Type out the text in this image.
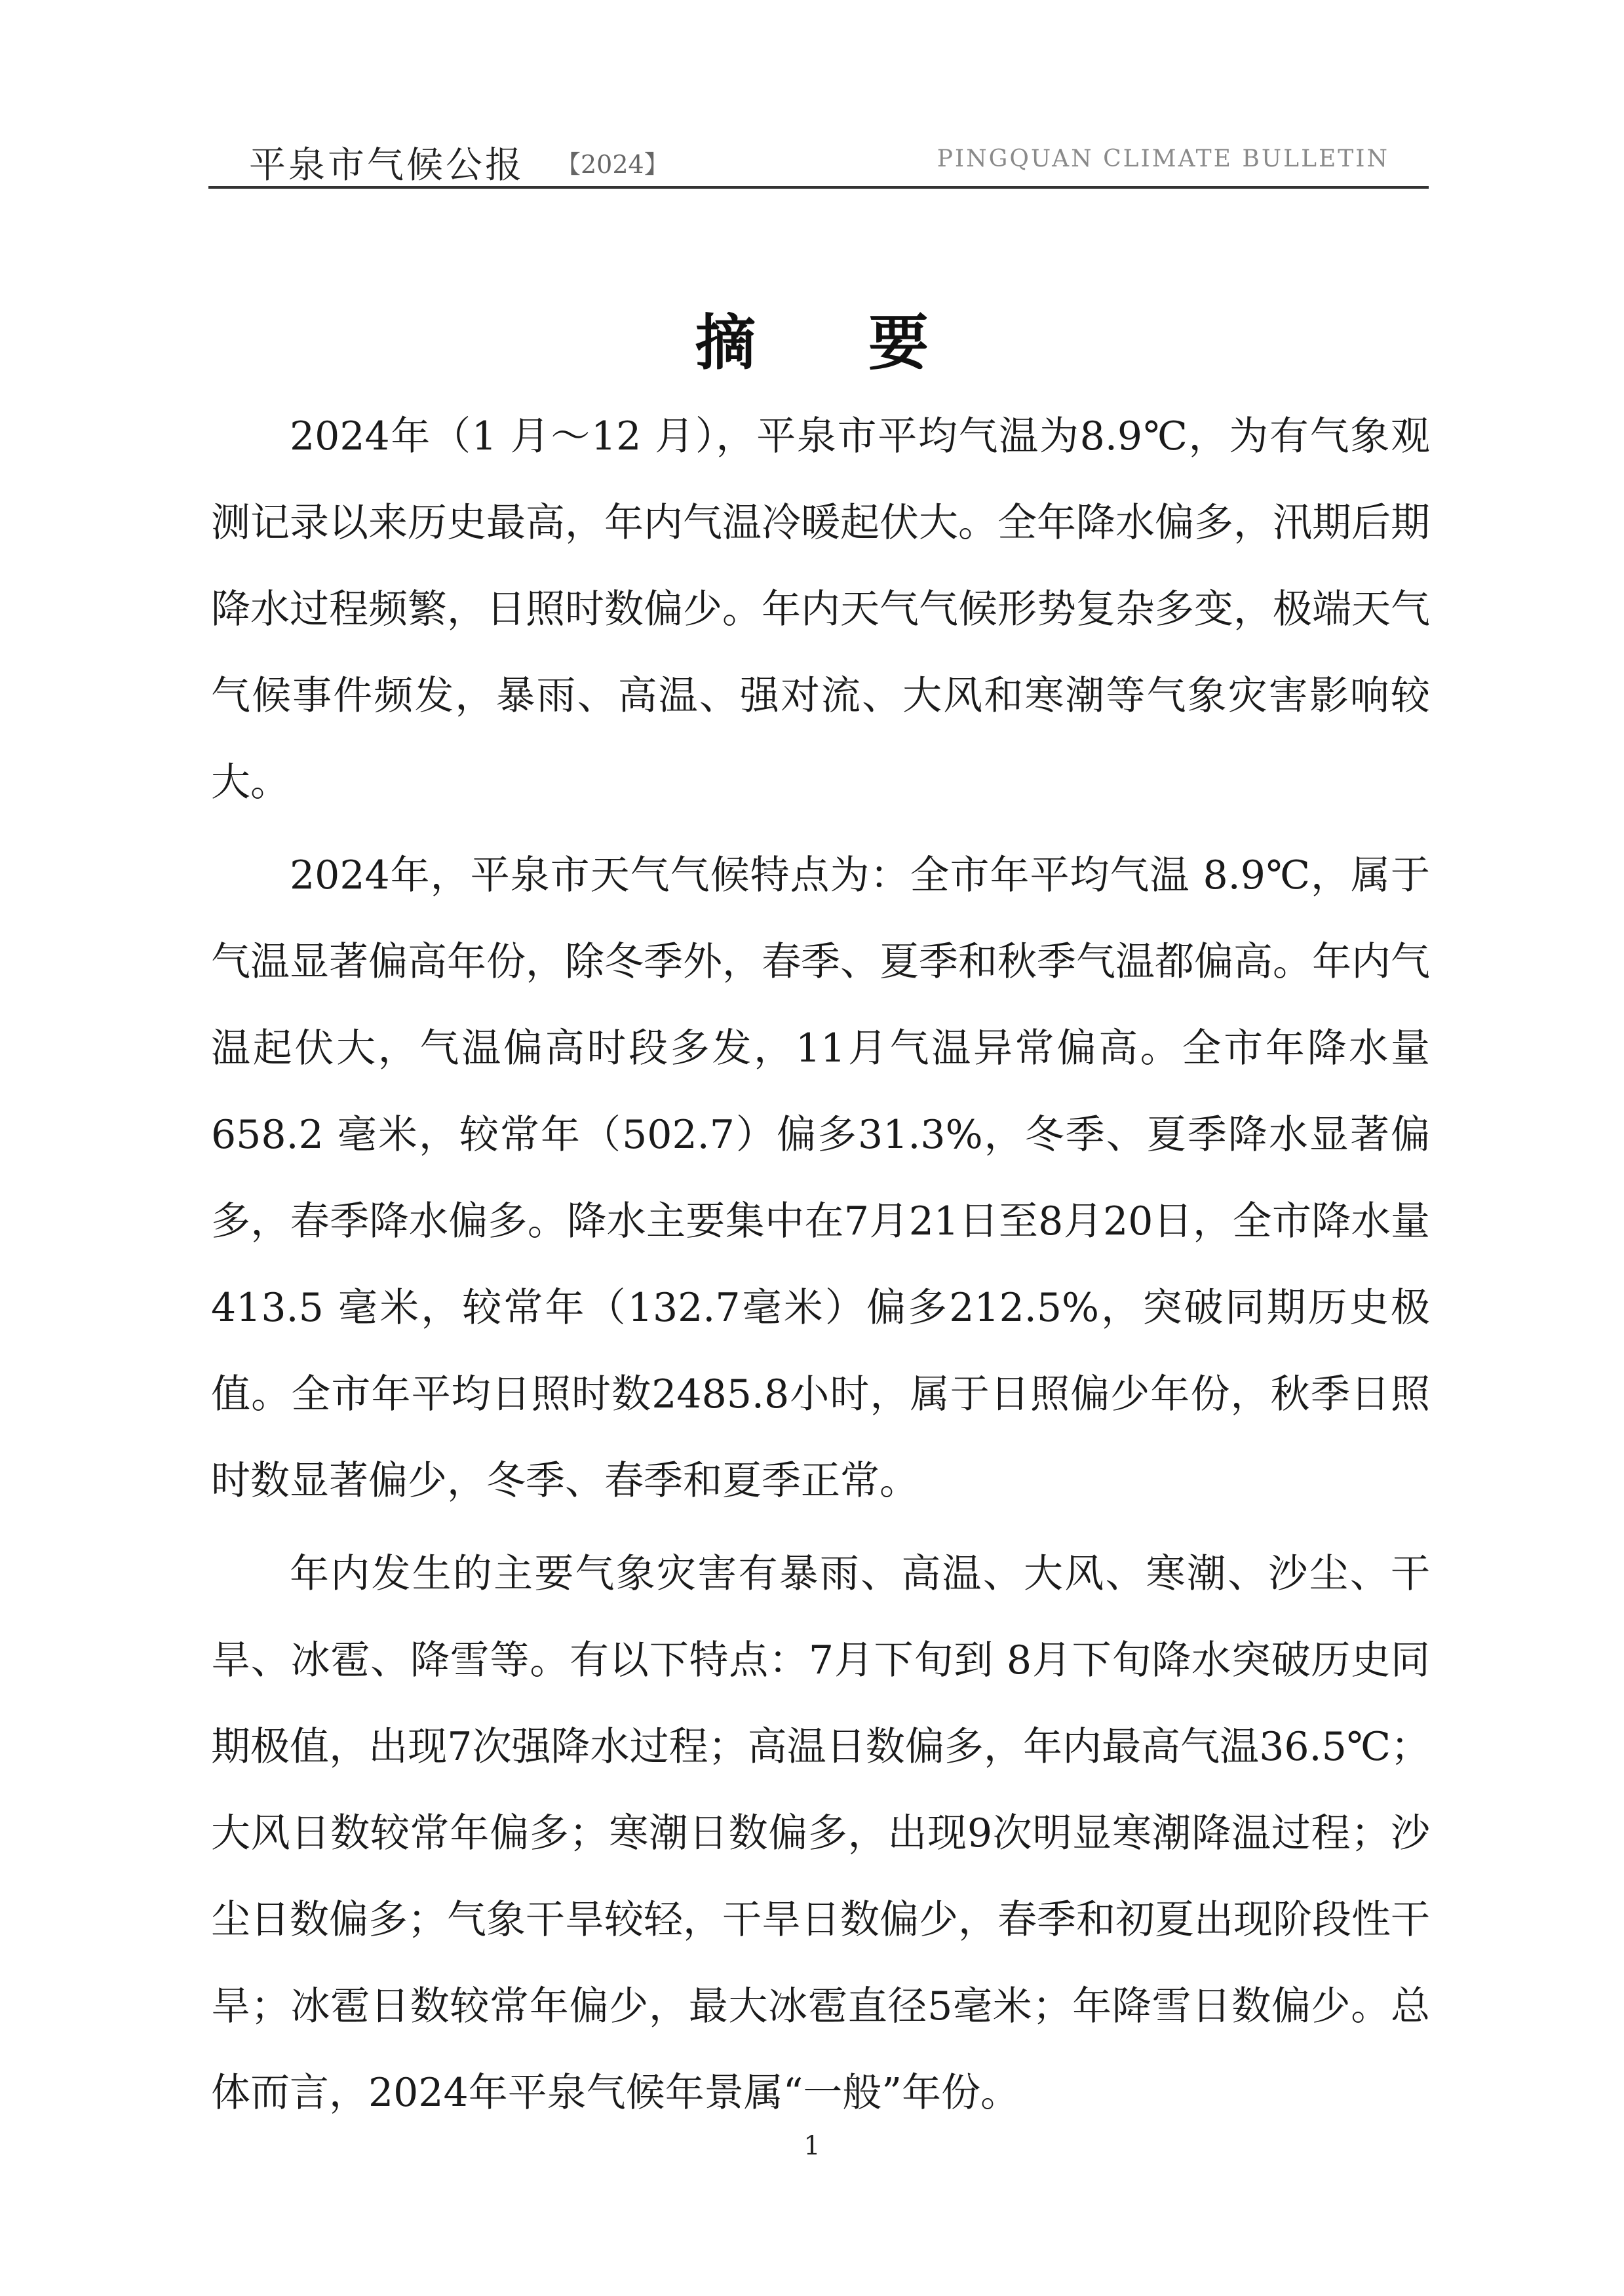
平泉市气候公报 【2024】	PINGQUAN CLIMATE BULLETIN
摘 要

2024年（1 月～12 月），平泉市平均气温为8.9℃，为有气象观测记录以来历史最高，年内气温冷暖起伏大。全年降水偏多，汛期后期降水过程频繁，日照时数偏少。年内天气气候形势复杂多变，极端天气气候事件频发，暴雨、高温、强对流、大风和寒潮等气象灾害影响较大。

2024年，平泉市天气气候特点为：全市年平均气温 8.9℃，属于气温显著偏高年份，除冬季外，春季、夏季和秋季气温都偏高。年内气温起伏大，气温偏高时段多发，11月气温异常偏高。全市年降水量 658.2 毫米，较常年（502.7）偏多31.3%，冬季、夏季降水显著偏多，春季降水偏多。降水主要集中在7月21日至8月20日，全市降水量413.5 毫米，较常年（132.7毫米）偏多212.5%，突破同期历史极值。全市年平均日照时数2485.8小时，属于日照偏少年份，秋季日照时数显著偏少，冬季、春季和夏季正常。

年内发生的主要气象灾害有暴雨、高温、大风、寒潮、沙尘、干旱、冰雹、降雪等。有以下特点：7月下旬到 8月下旬降水突破历史同期极值，出现7次强降水过程；高温日数偏多，年内最高气温36.5℃；大风日数较常年偏多；寒潮日数偏多，出现9次明显寒潮降温过程；沙尘日数偏多；气象干旱较轻，干旱日数偏少，春季和初夏出现阶段性干旱；冰雹日数较常年偏少，最大冰雹直径5毫米；年降雪日数偏少。总体而言，2024年平泉气候年景属“一般”年份。

1
